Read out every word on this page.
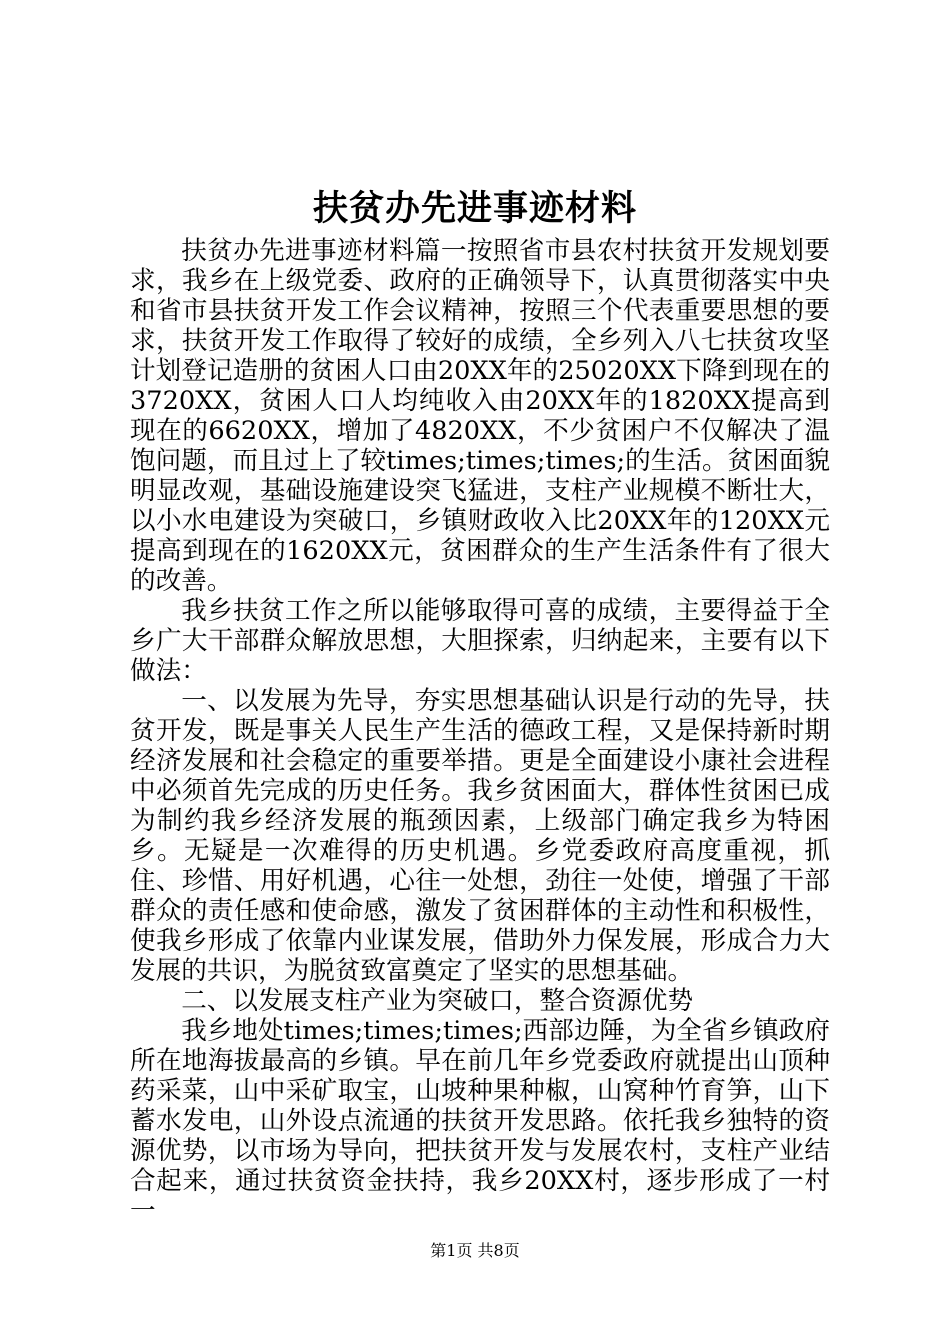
扶贫办先进事迹材料

扶贫办先进事迹材料篇一按照省市县农村扶贫开发规划要求，我乡在上级党委、政府的正确领导下，认真贯彻落实中央和省市县扶贫开发工作会议精神，按照三个代表重要思想的要求，扶贫开发工作取得了较好的成绩，全乡列入八七扶贫攻坚计划登记造册的贫困人口由20XX年的25020XX下降到现在的3720XX，贫困人口人均纯收入由20XX年的1820XX提高到现在的6620XX，增加了4820XX，不少贫困户不仅解决了温饱问题，而且过上了较times;times;times;的生活。贫困面貌明显改观，基础设施建设突飞猛进，支柱产业规模不断壮大，以小水电建设为突破口，乡镇财政收入比20XX年的120XX元提高到现在的1620XX元，贫困群众的生产生活条件有了很大的改善。

我乡扶贫工作之所以能够取得可喜的成绩，主要得益于全乡广大干部群众解放思想，大胆探索，归纳起来，主要有以下做法：

一、以发展为先导，夯实思想基础认识是行动的先导，扶贫开发，既是事关人民生产生活的德政工程，又是保持新时期经济发展和社会稳定的重要举措。更是全面建设小康社会进程中必须首先完成的历史任务。我乡贫困面大，群体性贫困已成为制约我乡经济发展的瓶颈因素，上级部门确定我乡为特困乡。无疑是一次难得的历史机遇。乡党委政府高度重视，抓住、珍惜、用好机遇，心往一处想，劲往一处使，增强了干部群众的责任感和使命感，激发了贫困群体的主动性和积极性，使我乡形成了依靠内业谋发展，借助外力保发展，形成合力大发展的共识，为脱贫致富奠定了坚实的思想基础。

二、以发展支柱产业为突破口，整合资源优势

我乡地处times;times;times;西部边陲，为全省乡镇政府所在地海拔最高的乡镇。早在前几年乡党委政府就提出山顶种药采菜，山中采矿取宝，山坡种果种椒，山窝种竹育笋，山下蓄水发电，山外设点流通的扶贫开发思路。依托我乡独特的资源优势，以市场为导向，把扶贫开发与发展农村，支柱产业结合起来，通过扶贫资金扶持，我乡20XX村，逐步形成了一村一

第1页 共8页
